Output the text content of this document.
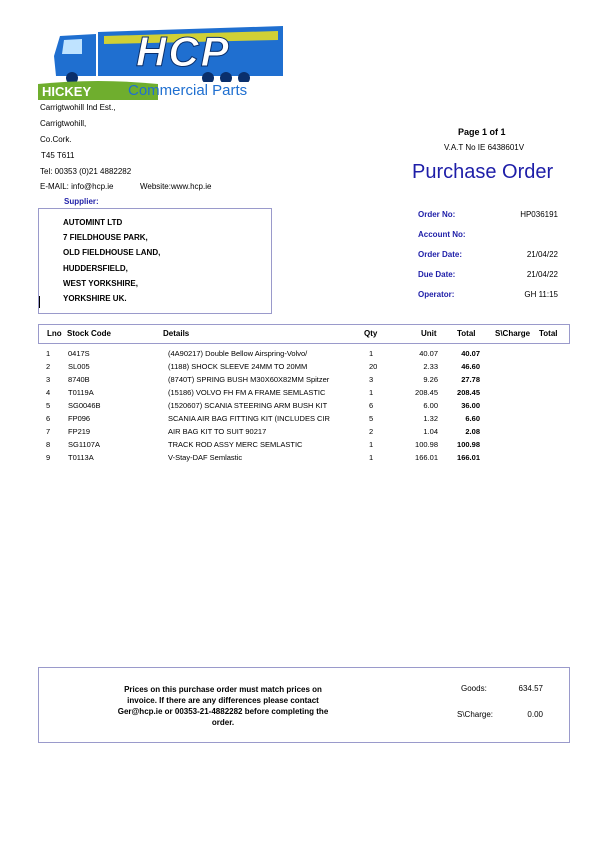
HCP
HICKEY Commercial Parts
Carrigtwohill Ind Est.,
Carrigtwohill,
Co.Cork.
T45 T611
Tel: 00353 (0)21 4882282
E-MAIL: info@hcp.ie	Website:www.hcp.ie
Page 1 of 1
V.A.T No IE 6438601V
Purchase Order
Supplier:
AUTOMINT LTD
7 FIELDHOUSE PARK,
OLD FIELDHOUSE LAND,
HUDDERSFIELD,
WEST YORKSHIRE,
YORKSHIRE UK.
Order No:	HP036191
Account No:
Order Date:	21/04/22
Due Date:	21/04/22
Operator:	GH 11:15
Lno Stock Code	Details	Qty	Unit	Total S\Charge Total
1 0417S	(4A90217) Double Bellow Airspring-Volvo/	1	40.07	40.07
2 SL005	(1188) SHOCK SLEEVE 24MM TO 20MM	20	2.33	46.60
3 8740B	(8740T) SPRING BUSH M30X60X82MM Spitzer	3	9.26	27.78
4 T0119A	(15186) VOLVO FH FM A FRAME SEMLASTIC	1	208.45	208.45
5 SG0046B	(1520607) SCANIA STEERING ARM BUSH KIT	6	6.00	36.00
6 FP096	SCANIA AIR BAG FITTING KIT (INCLUDES CIR	5	1.32	6.60
7 FP219	AIR BAG KIT TO SUIT 90217	2	1.04	2.08
8 SG1107A	TRACK ROD ASSY MERC SEMLASTIC	1	100.98	100.98
9 T0113A	V-Stay-DAF Semlastic	1	166.01	166.01
Prices on this purchase order must match prices on
invoice. If there are any differences please contact
Ger@hcp.ie or 00353-21-4882282 before completing the
order.
Goods:	634.57
S\Charge:	0.00
